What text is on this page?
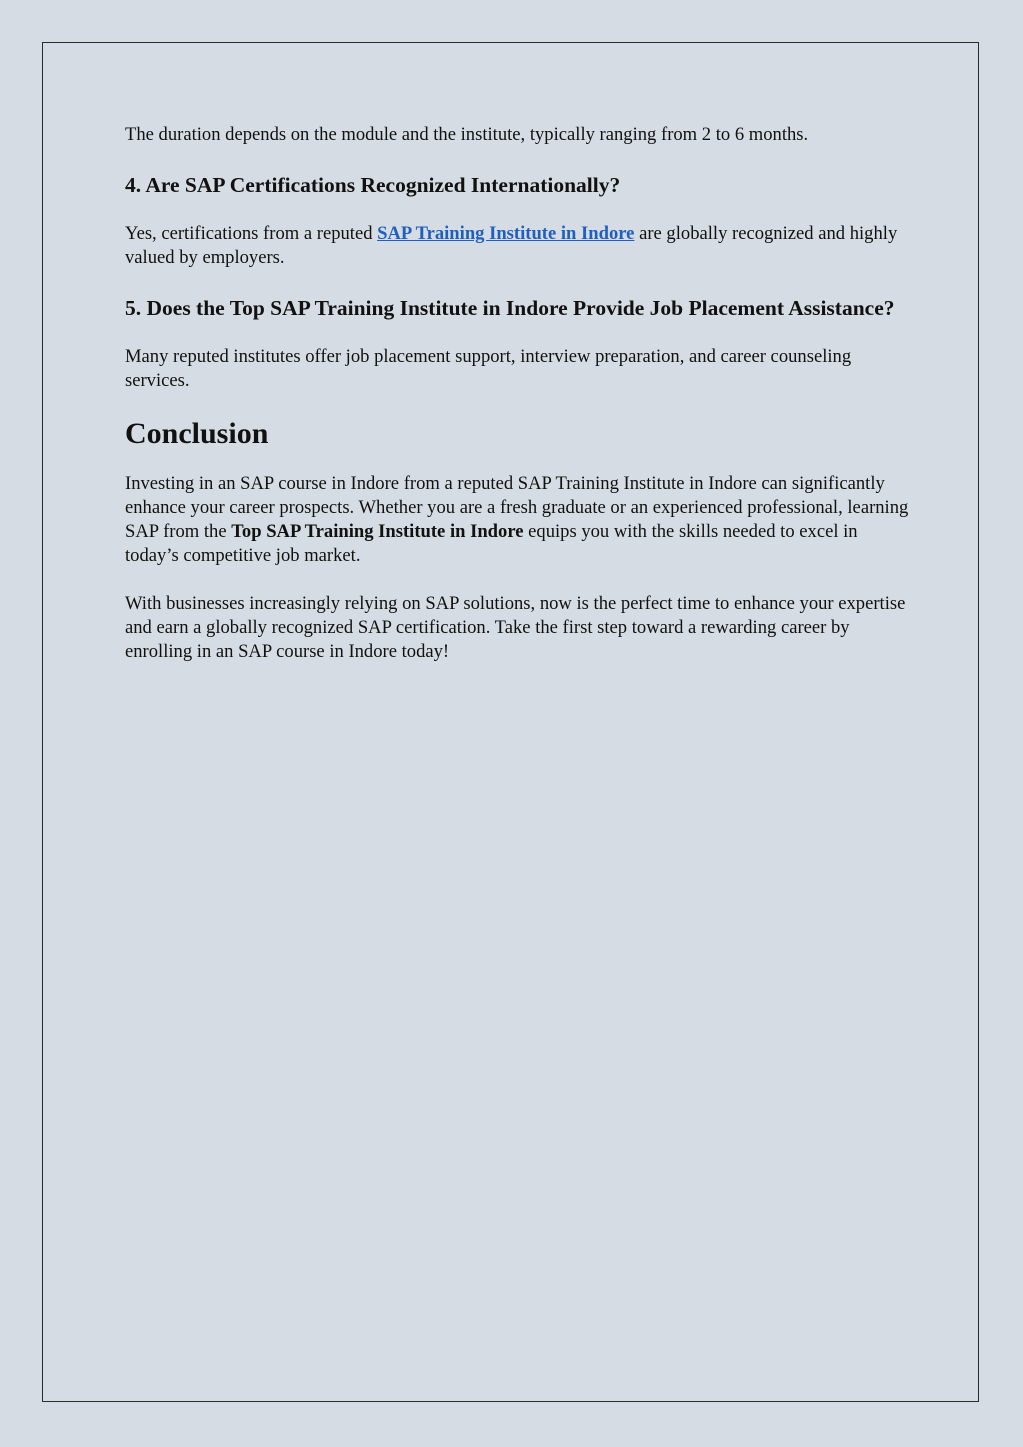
The duration depends on the module and the institute, typically ranging from 2 to 6 months.

4. Are SAP Certifications Recognized Internationally?

Yes, certifications from a reputed SAP Training Institute in Indore are globally recognized and highly valued by employers.

5. Does the Top SAP Training Institute in Indore Provide Job Placement Assistance?

Many reputed institutes offer job placement support, interview preparation, and career counseling services.

Conclusion

Investing in an SAP course in Indore from a reputed SAP Training Institute in Indore can significantly enhance your career prospects. Whether you are a fresh graduate or an experienced professional, learning SAP from the Top SAP Training Institute in Indore equips you with the skills needed to excel in today’s competitive job market.

With businesses increasingly relying on SAP solutions, now is the perfect time to enhance your expertise and earn a globally recognized SAP certification. Take the first step toward a rewarding career by enrolling in an SAP course in Indore today!
